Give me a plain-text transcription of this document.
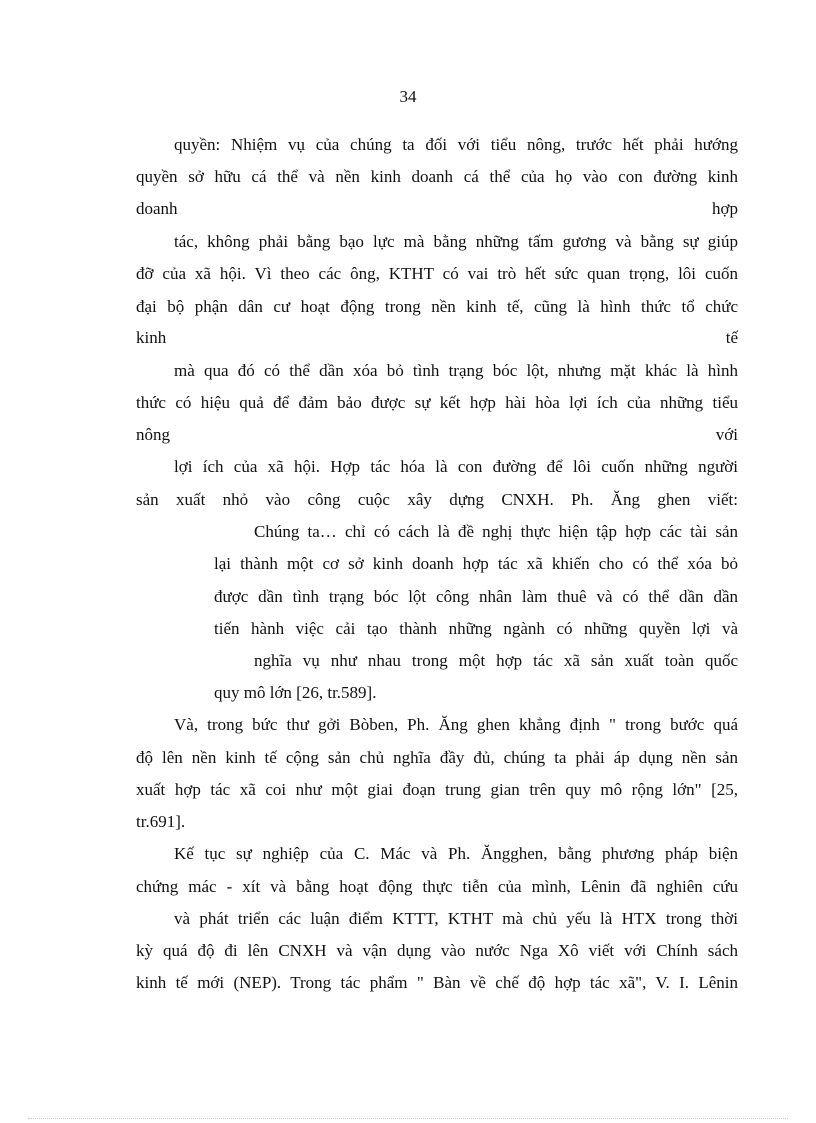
34
quyền: Nhiệm vụ của chúng ta đối với tiểu nông, trước hết phải hướng
quyền sở hữu cá thể và nền kinh doanh cá thể của họ vào con đường kinh
doanh hợp
tác, không phải bằng bạo lực mà bằng những tấm gương và bằng sự giúp
đỡ của xã hội. Vì theo các ông, KTHT có vai trò hết sức quan trọng, lôi cuốn
đại bộ phận dân cư hoạt động trong nền kinh tế, cũng là hình thức tổ chức
kinh tế
mà qua đó có thể dần xóa bỏ tình trạng bóc lột, nhưng mặt khác là hình
thức có hiệu quả để đảm bảo được sự kết hợp hài hòa lợi ích của những tiểu
nông với
lợi ích của xã hội. Hợp tác hóa là con đường để lôi cuốn những người
sản xuất nhỏ vào công cuộc xây dựng CNXH. Ph. Ăng ghen viết:
Chúng ta… chỉ có cách là đề nghị thực hiện tập hợp các tài sản
lại thành một cơ sở kinh doanh hợp tác xã khiến cho có thể xóa bỏ
được dần tình trạng bóc lột công nhân làm thuê và có thể dần dần
tiến hành việc cải tạo thành những ngành có những quyền lợi và
nghĩa vụ như nhau trong một hợp tác xã sản xuất toàn quốc
quy mô lớn [26, tr.589].
Và, trong bức thư gởi Bòben, Ph. Ăng ghen khẳng định " trong bước quá
độ lên nền kinh tế cộng sản chủ nghĩa đầy đủ, chúng ta phải áp dụng nền sản
xuất hợp tác xã coi như một giai đoạn trung gian trên quy mô rộng lớn" [25,
tr.691].
Kế tục sự nghiệp của C. Mác và Ph. Ăngghen, bằng phương pháp biện
chứng mác - xít và bằng hoạt động thực tiễn của mình, Lênin đã nghiên cứu
và phát triển các luận điểm KTTT, KTHT mà chủ yếu là HTX trong thời
kỳ quá độ đi lên CNXH và vận dụng vào nước Nga Xô viết với Chính sách
kinh tế mới (NEP). Trong tác phẩm " Bàn về chế độ hợp tác xã", V. I. Lênin
